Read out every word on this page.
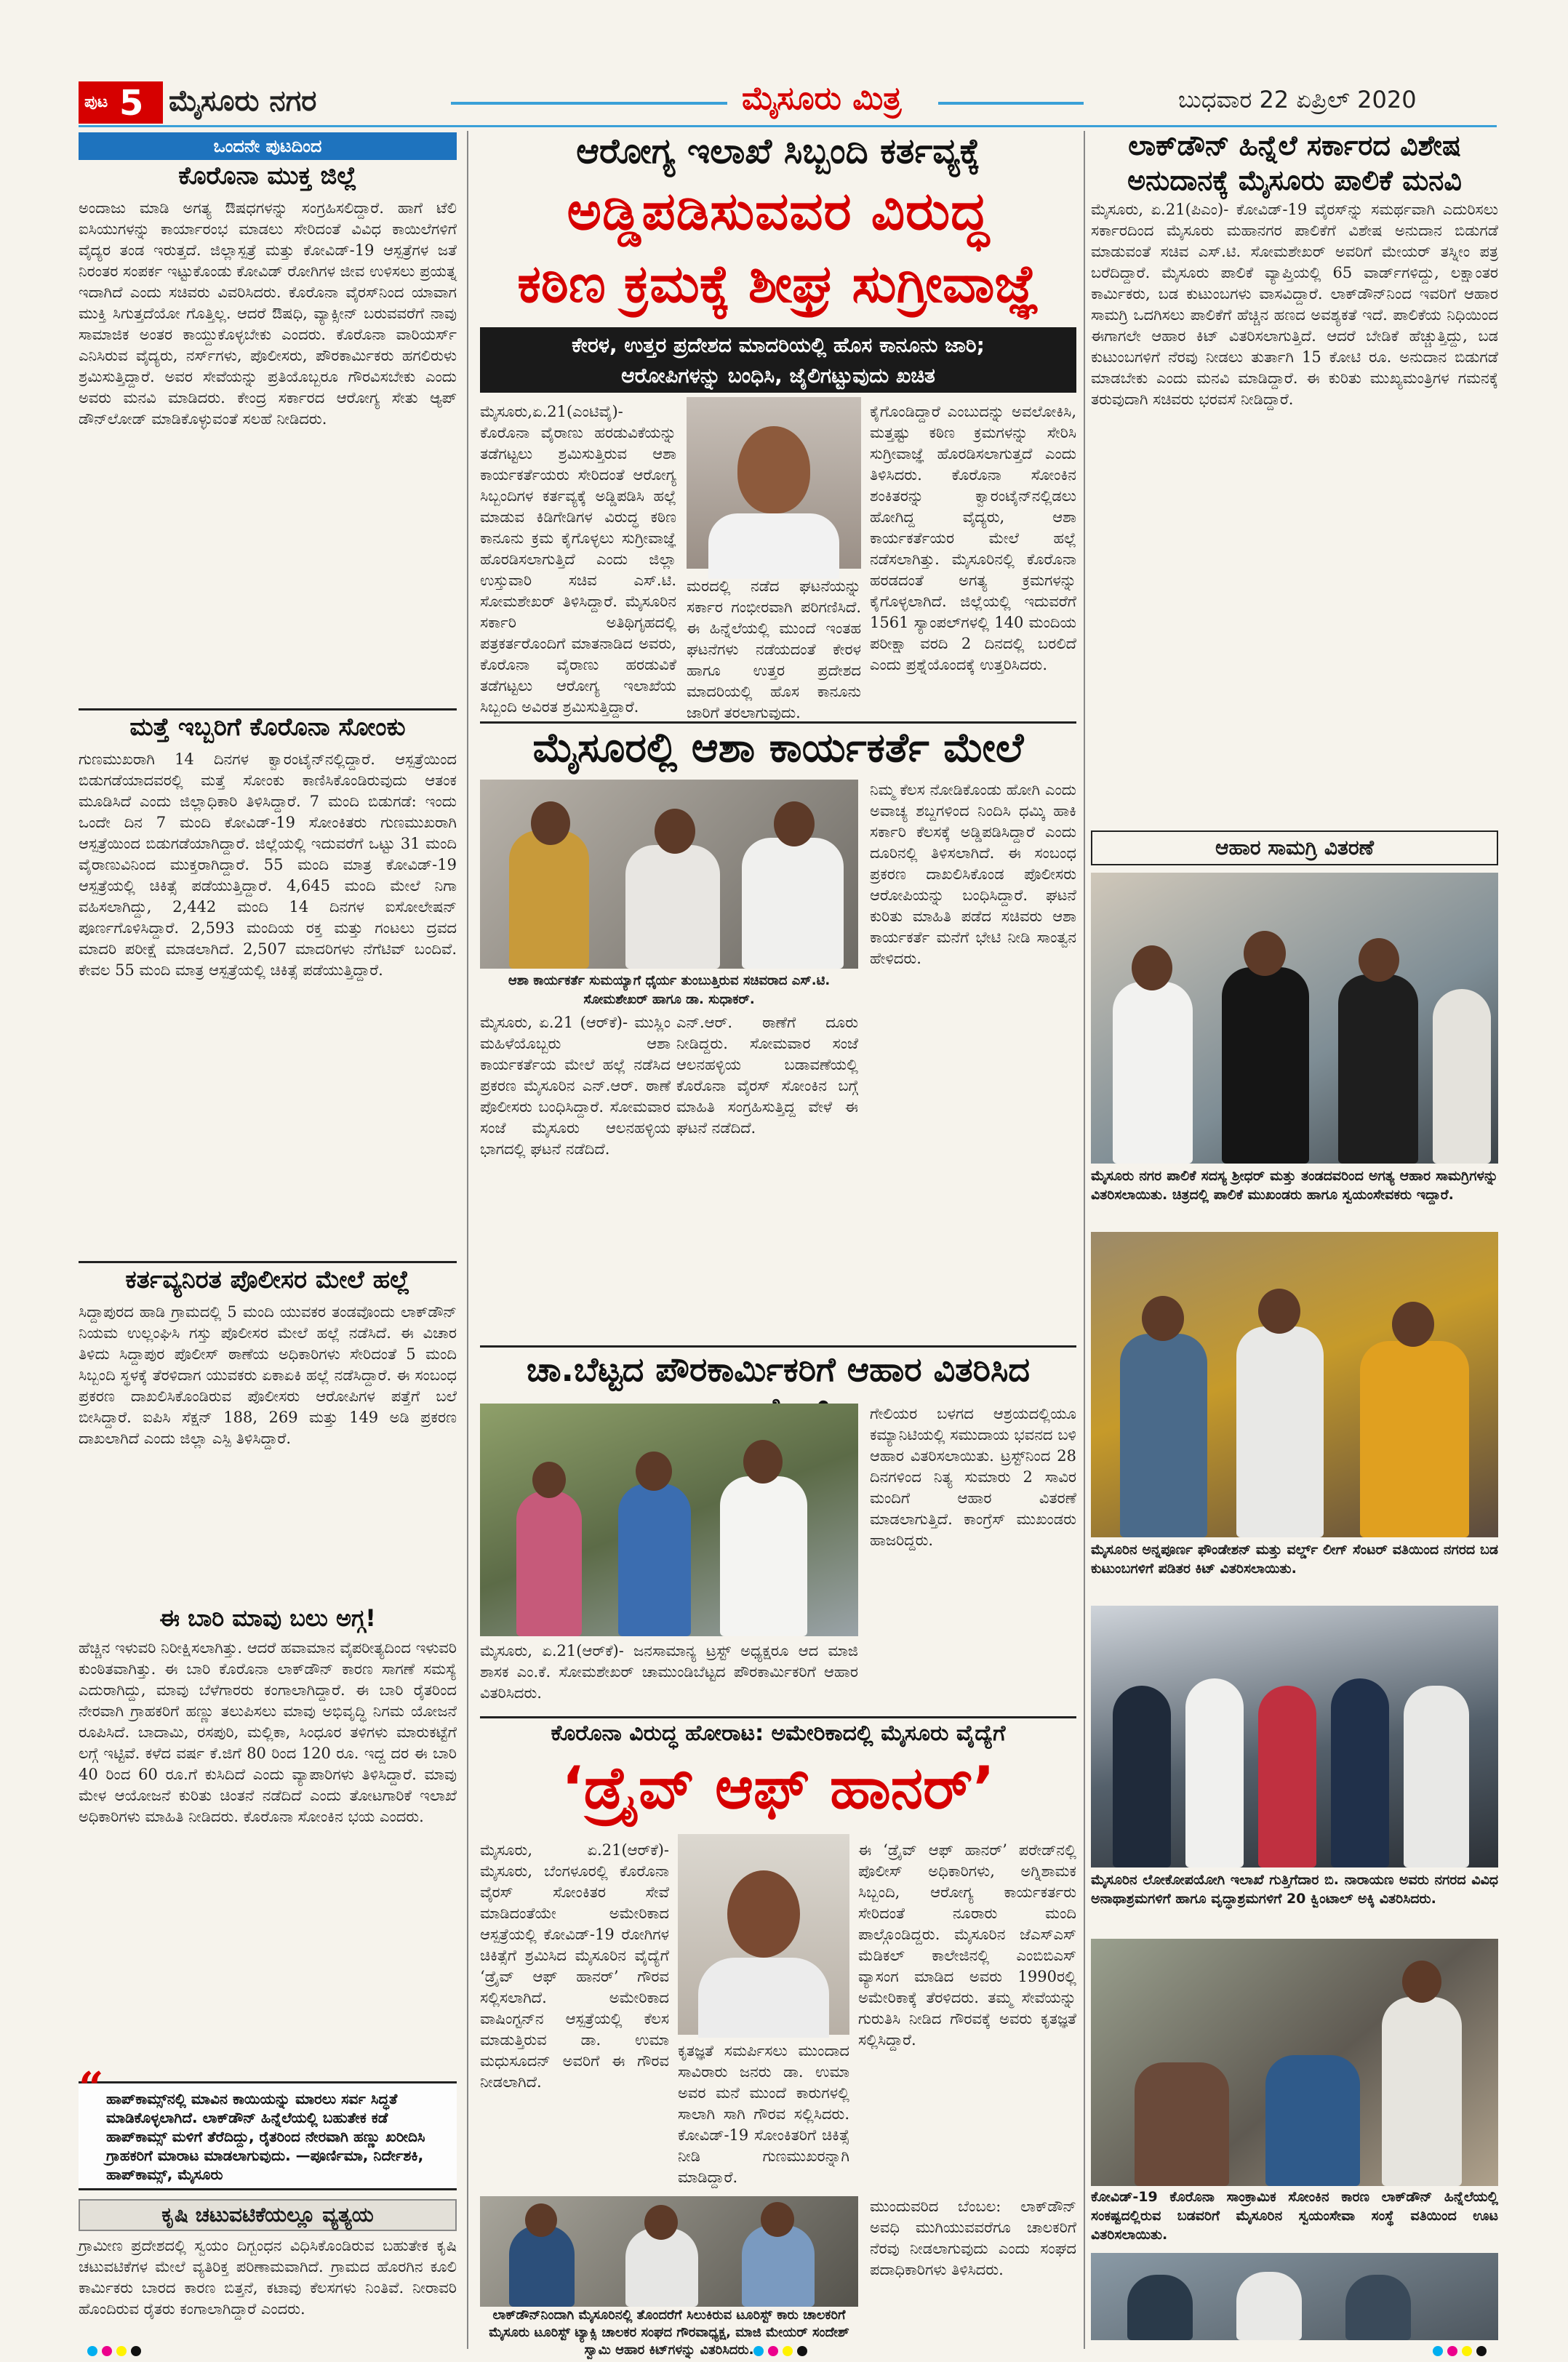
ಪುಟ 5 ಮೈಸೂರು ನಗರ	ಮೈಸೂರು ಮಿತ್ರ	ಬುಧವಾರ 22 ಏಪ್ರಿಲ್ 2020
ಒಂದನೇ ಪುಟದಿಂದ
ಕೊರೊನಾ ಮುಕ್ತ ಜಿಲ್ಲೆ
ಅಂದಾಜು ಮಾಡಿ ಅಗತ್ಯ ಔಷಧಗಳನ್ನು ಸಂಗ್ರಹಿಸಲಿದ್ದಾರೆ. ಹಾಗೆ ಟೆಲಿ ಐಸಿಯುಗಳನ್ನು ಕಾರ್ಯಾರಂಭ ಮಾಡಲು ಸೇರಿದಂತೆ ವಿವಿಧ ಕಾಯಿಲೆಗಳಿಗೆ ವೈದ್ಯರ ತಂಡ ಇರುತ್ತದೆ. ಜಿಲ್ಲಾಸ್ಪತ್ರೆ ಮತ್ತು ಕೋವಿಡ್-19 ಆಸ್ಪತ್ರೆಗಳ ಜತೆ ನಿರಂತರ ಸಂಪರ್ಕ ಇಟ್ಟುಕೊಂಡು ಕೋವಿಡ್ ರೋಗಿಗಳ ಜೀವ ಉಳಿಸಲು ಪ್ರಯತ್ನ ಇದಾಗಿದೆ ಎಂದು ಸಚಿವರು ವಿವರಿಸಿದರು. ಕೊರೊನಾ ವೈರಸ್‌ನಿಂದ ಯಾವಾಗ ಮುಕ್ತಿ ಸಿಗುತ್ತದೆಯೋ ಗೊತ್ತಿಲ್ಲ. ಆದರೆ ಔಷಧಿ, ವ್ಯಾಕ್ಸೀನ್ ಬರುವವರೆಗೆ ನಾವು ಸಾಮಾಜಿಕ ಅಂತರ ಕಾಯ್ದುಕೊಳ್ಳಬೇಕು ಎಂದರು. ಕೊರೊನಾ ವಾರಿಯರ್ಸ್ ಎನಿಸಿರುವ ವೈದ್ಯರು, ನರ್ಸ್‌ಗಳು, ಪೊಲೀಸರು, ಪೌರಕಾರ್ಮಿಕರು ಹಗಲಿರುಳು ಶ್ರಮಿಸುತ್ತಿದ್ದಾರೆ. ಅವರ ಸೇವೆಯನ್ನು ಪ್ರತಿಯೊಬ್ಬರೂ ಗೌರವಿಸಬೇಕು ಎಂದು ಅವರು ಮನವಿ ಮಾಡಿದರು. ಕೇಂದ್ರ ಸರ್ಕಾರದ ಆರೋಗ್ಯ ಸೇತು ಆ್ಯಪ್ ಡೌನ್‌ಲೋಡ್ ಮಾಡಿಕೊಳ್ಳುವಂತೆ ಸಲಹೆ ನೀಡಿದರು.
ಮತ್ತೆ ಇಬ್ಬರಿಗೆ ಕೊರೊನಾ ಸೋಂಕು
ಗುಣಮುಖರಾಗಿ 14 ದಿನಗಳ ಕ್ವಾರಂಟೈನ್‌ನಲ್ಲಿದ್ದಾರೆ. ಆಸ್ಪತ್ರೆಯಿಂದ ಬಿಡುಗಡೆಯಾದವರಲ್ಲಿ ಮತ್ತೆ ಸೋಂಕು ಕಾಣಿಸಿಕೊಂಡಿರುವುದು ಆತಂಕ ಮೂಡಿಸಿದೆ ಎಂದು ಜಿಲ್ಲಾಧಿಕಾರಿ ತಿಳಿಸಿದ್ದಾರೆ. 7 ಮಂದಿ ಬಿಡುಗಡೆ: ಇಂದು ಒಂದೇ ದಿನ 7 ಮಂದಿ ಕೋವಿಡ್-19 ಸೋಂಕಿತರು ಗುಣಮುಖರಾಗಿ ಆಸ್ಪತ್ರೆಯಿಂದ ಬಿಡುಗಡೆಯಾಗಿದ್ದಾರೆ. ಜಿಲ್ಲೆಯಲ್ಲಿ ಇದುವರೆಗೆ ಒಟ್ಟು 31 ಮಂದಿ ವೈರಾಣುವಿನಿಂದ ಮುಕ್ತರಾಗಿದ್ದಾರೆ. 55 ಮಂದಿ ಮಾತ್ರ ಕೋವಿಡ್-19 ಆಸ್ಪತ್ರೆಯಲ್ಲಿ ಚಿಕಿತ್ಸೆ ಪಡೆಯುತ್ತಿದ್ದಾರೆ. 4,645 ಮಂದಿ ಮೇಲೆ ನಿಗಾ ವಹಿಸಲಾಗಿದ್ದು, 2,442 ಮಂದಿ 14 ದಿನಗಳ ಐಸೋಲೇಷನ್ ಪೂರ್ಣಗೊಳಿಸಿದ್ದಾರೆ. 2,593 ಮಂದಿಯ ರಕ್ತ ಮತ್ತು ಗಂಟಲು ದ್ರವದ ಮಾದರಿ ಪರೀಕ್ಷೆ ಮಾಡಲಾಗಿದೆ. 2,507 ಮಾದರಿಗಳು ನೆಗೆಟಿವ್ ಬಂದಿವೆ. ಕೇವಲ 55 ಮಂದಿ ಮಾತ್ರ ಆಸ್ಪತ್ರೆಯಲ್ಲಿ ಚಿಕಿತ್ಸೆ ಪಡೆಯುತ್ತಿದ್ದಾರೆ.
ಕರ್ತವ್ಯನಿರತ ಪೊಲೀಸರ ಮೇಲೆ ಹಲ್ಲೆ
ಸಿದ್ದಾಪುರದ ಹಾಡಿ ಗ್ರಾಮದಲ್ಲಿ 5 ಮಂದಿ ಯುವಕರ ತಂಡವೊಂದು ಲಾಕ್‌ಡೌನ್ ನಿಯಮ ಉಲ್ಲಂಘಿಸಿ ಗಸ್ತು ಪೊಲೀಸರ ಮೇಲೆ ಹಲ್ಲೆ ನಡೆಸಿದೆ. ಈ ವಿಚಾರ ತಿಳಿದು ಸಿದ್ದಾಪುರ ಪೊಲೀಸ್ ಠಾಣೆಯ ಅಧಿಕಾರಿಗಳು ಸೇರಿದಂತೆ 5 ಮಂದಿ ಸಿಬ್ಬಂದಿ ಸ್ಥಳಕ್ಕೆ ತೆರಳಿದಾಗ ಯುವಕರು ಏಕಾಏಕಿ ಹಲ್ಲೆ ನಡೆಸಿದ್ದಾರೆ. ಈ ಸಂಬಂಧ ಪ್ರಕರಣ ದಾಖಲಿಸಿಕೊಂಡಿರುವ ಪೊಲೀಸರು ಆರೋಪಿಗಳ ಪತ್ತೆಗೆ ಬಲೆ ಬೀಸಿದ್ದಾರೆ. ಐಪಿಸಿ ಸೆಕ್ಷನ್ 188, 269 ಮತ್ತು 149 ಅಡಿ ಪ್ರಕರಣ ದಾಖಲಾಗಿದೆ ಎಂದು ಜಿಲ್ಲಾ ಎಸ್ಪಿ ತಿಳಿಸಿದ್ದಾರೆ.
ಈ ಬಾರಿ ಮಾವು ಬಲು ಅಗ್ಗ!
ಹೆಚ್ಚಿನ ಇಳುವರಿ ನಿರೀಕ್ಷಿಸಲಾಗಿತ್ತು. ಆದರೆ ಹವಾಮಾನ ವೈಪರೀತ್ಯದಿಂದ ಇಳುವರಿ ಕುಂಠಿತವಾಗಿತ್ತು. ಈ ಬಾರಿ ಕೊರೊನಾ ಲಾಕ್‌ಡೌನ್ ಕಾರಣ ಸಾಗಣೆ ಸಮಸ್ಯೆ ಎದುರಾಗಿದ್ದು, ಮಾವು ಬೆಳೆಗಾರರು ಕಂಗಾಲಾಗಿದ್ದಾರೆ. ಈ ಬಾರಿ ರೈತರಿಂದ ನೇರವಾಗಿ ಗ್ರಾಹಕರಿಗೆ ಹಣ್ಣು ತಲುಪಿಸಲು ಮಾವು ಅಭಿವೃದ್ಧಿ ನಿಗಮ ಯೋಜನೆ ರೂಪಿಸಿದೆ. ಬಾದಾಮಿ, ರಸಪುರಿ, ಮಲ್ಲಿಕಾ, ಸಿಂಧೂರ ತಳಿಗಳು ಮಾರುಕಟ್ಟೆಗೆ ಲಗ್ಗೆ ಇಟ್ಟಿವೆ. ಕಳೆದ ವರ್ಷ ಕೆ.ಜಿಗೆ 80 ರಿಂದ 120 ರೂ. ಇದ್ದ ದರ ಈ ಬಾರಿ 40 ರಿಂದ 60 ರೂ.ಗೆ ಕುಸಿದಿದೆ ಎಂದು ವ್ಯಾಪಾರಿಗಳು ತಿಳಿಸಿದ್ದಾರೆ. ಮಾವು ಮೇಳ ಆಯೋಜನೆ ಕುರಿತು ಚಿಂತನೆ ನಡೆದಿದೆ ಎಂದು ತೋಟಗಾರಿಕೆ ಇಲಾಖೆ ಅಧಿಕಾರಿಗಳು ಮಾಹಿತಿ ನೀಡಿದರು. ಕೊರೊನಾ ಸೋಂಕಿನ ಭಯ ಎಂದರು.
“ ಹಾಪ್‌ಕಾಮ್ಸ್‌ನಲ್ಲಿ ಮಾವಿನ ಕಾಯಿಯನ್ನು ಮಾರಲು ಸರ್ವ ಸಿದ್ಧತೆ ಮಾಡಿಕೊಳ್ಳಲಾಗಿದೆ. ಲಾಕ್‌ಡೌನ್ ಹಿನ್ನೆಲೆಯಲ್ಲಿ ಬಹುತೇಕ ಕಡೆ ಹಾಪ್‌ಕಾಮ್ಸ್ ಮಳಿಗೆ ತೆರೆದಿದ್ದು, ರೈತರಿಂದ ನೇರವಾಗಿ ಹಣ್ಣು ಖರೀದಿಸಿ ಗ್ರಾಹಕರಿಗೆ ಮಾರಾಟ ಮಾಡಲಾಗುವುದು. —ಪೂರ್ಣಿಮಾ, ನಿರ್ದೇಶಕಿ, ಹಾಪ್‌ಕಾಮ್ಸ್, ಮೈಸೂರು
ಕೃಷಿ ಚಟುವಟಿಕೆಯಲ್ಲೂ ವ್ಯತ್ಯಯ
ಗ್ರಾಮೀಣ ಪ್ರದೇಶದಲ್ಲಿ ಸ್ವಯಂ ದಿಗ್ಬಂಧನ ವಿಧಿಸಿಕೊಂಡಿರುವ ಬಹುತೇಕ ಕೃಷಿ ಚಟುವಟಿಕೆಗಳ ಮೇಲೆ ವ್ಯತಿರಿಕ್ತ ಪರಿಣಾಮವಾಗಿದೆ. ಗ್ರಾಮದ ಹೊರಗಿನ ಕೂಲಿ ಕಾರ್ಮಿಕರು ಬಾರದ ಕಾರಣ ಬಿತ್ತನೆ, ಕಟಾವು ಕೆಲಸಗಳು ನಿಂತಿವೆ. ನೀರಾವರಿ ಹೊಂದಿರುವ ರೈತರು ಕಂಗಾಲಾಗಿದ್ದಾರೆ ಎಂದರು.
ಆರೋಗ್ಯ ಇಲಾಖೆ ಸಿಬ್ಬಂದಿ ಕರ್ತವ್ಯಕ್ಕೆ
ಅಡ್ಡಿಪಡಿಸುವವರ ವಿರುದ್ಧ
ಕಠಿಣ ಕ್ರಮಕ್ಕೆ ಶೀಘ್ರ ಸುಗ್ರೀವಾಜ್ಞೆ
ಕೇರಳ, ಉತ್ತರ ಪ್ರದೇಶದ ಮಾದರಿಯಲ್ಲಿ ಹೊಸ ಕಾನೂನು ಜಾರಿ;
ಆರೋಪಿಗಳನ್ನು ಬಂಧಿಸಿ, ಜೈಲಿಗಟ್ಟುವುದು ಖಚಿತ
ಮೈಸೂರು,ಏ.21(ಎಂಟಿವೈ)- ಕೊರೊನಾ ವೈರಾಣು ಹರಡುವಿಕೆಯನ್ನು ತಡೆಗಟ್ಟಲು ಶ್ರಮಿಸುತ್ತಿರುವ ಆಶಾ ಕಾರ್ಯಕರ್ತೆಯರು ಸೇರಿದಂತೆ ಆರೋಗ್ಯ ಸಿಬ್ಬಂದಿಗಳ ಕರ್ತವ್ಯಕ್ಕೆ ಅಡ್ಡಿಪಡಿಸಿ ಹಲ್ಲೆ ಮಾಡುವ ಕಿಡಿಗೇಡಿಗಳ ವಿರುದ್ಧ ಕಠಿಣ ಕಾನೂನು ಕ್ರಮ ಕೈಗೊಳ್ಳಲು ಸುಗ್ರೀವಾಜ್ಞೆ ಹೊರಡಿಸಲಾಗುತ್ತಿದೆ ಎಂದು ಜಿಲ್ಲಾ ಉಸ್ತುವಾರಿ ಸಚಿವ ಎಸ್.ಟಿ. ಸೋಮಶೇಖರ್ ತಿಳಿಸಿದ್ದಾರೆ. ಮೈಸೂರಿನ ಸರ್ಕಾರಿ ಅತಿಥಿಗೃಹದಲ್ಲಿ ಪತ್ರಕರ್ತರೊಂದಿಗೆ ಮಾತನಾಡಿದ ಅವರು, ಕೊರೊನಾ ವೈರಾಣು ಹರಡುವಿಕೆ ತಡೆಗಟ್ಟಲು ಆರೋಗ್ಯ ಇಲಾಖೆಯ ಸಿಬ್ಬಂದಿ ಅವಿರತ ಶ್ರಮಿಸುತ್ತಿದ್ದಾರೆ.
ಮರದಲ್ಲಿ ನಡೆದ ಘಟನೆಯನ್ನು ಸರ್ಕಾರ ಗಂಭೀರವಾಗಿ ಪರಿಗಣಿಸಿದೆ. ಈ ಹಿನ್ನೆಲೆಯಲ್ಲಿ ಮುಂದೆ ಇಂತಹ ಘಟನೆಗಳು ನಡೆಯದಂತೆ ಕೇರಳ ಹಾಗೂ ಉತ್ತರ ಪ್ರದೇಶದ ಮಾದರಿಯಲ್ಲಿ ಹೊಸ ಕಾನೂನು ಜಾರಿಗೆ ತರಲಾಗುವುದು.
ಕೈಗೊಂಡಿದ್ದಾರೆ ಎಂಬುದನ್ನು ಅವಲೋಕಿಸಿ, ಮತ್ತಷ್ಟು ಕಠಿಣ ಕ್ರಮಗಳನ್ನು ಸೇರಿಸಿ ಸುಗ್ರೀವಾಜ್ಞೆ ಹೊರಡಿಸಲಾಗುತ್ತದೆ ಎಂದು ತಿಳಿಸಿದರು. ಕೊರೊನಾ ಸೋಂಕಿನ ಶಂಕಿತರನ್ನು ಕ್ವಾರಂಟೈನ್‌ನಲ್ಲಿಡಲು ಹೋಗಿದ್ದ ವೈದ್ಯರು, ಆಶಾ ಕಾರ್ಯಕರ್ತೆಯರ ಮೇಲೆ ಹಲ್ಲೆ ನಡೆಸಲಾಗಿತ್ತು. ಮೈಸೂರಿನಲ್ಲಿ ಕೊರೊನಾ ಹರಡದಂತೆ ಅಗತ್ಯ ಕ್ರಮಗಳನ್ನು ಕೈಗೊಳ್ಳಲಾಗಿದೆ. ಜಿಲ್ಲೆಯಲ್ಲಿ ಇದುವರೆಗೆ 1561 ಸ್ಯಾಂಪಲ್‌ಗಳಲ್ಲಿ 140 ಮಂದಿಯ ಪರೀಕ್ಷಾ ವರದಿ 2 ದಿನದಲ್ಲಿ ಬರಲಿದೆ ಎಂದು ಪ್ರಶ್ನೆಯೊಂದಕ್ಕೆ ಉತ್ತರಿಸಿದರು.
ಮೈಸೂರಲ್ಲಿ ಆಶಾ ಕಾರ್ಯಕರ್ತೆ ಮೇಲೆ
ಆಶಾ ಕಾರ್ಯಕರ್ತೆ ಸುಮಯ್ಯಾಗೆ ಧೈರ್ಯ ತುಂಬುತ್ತಿರುವ ಸಚಿವರಾದ ಎಸ್.ಟಿ. ಸೋಮಶೇಖರ್ ಹಾಗೂ ಡಾ. ಸುಧಾಕರ್.
ಮೈಸೂರು, ಏ.21 (ಆರ್‌ಕೆ)- ಮುಸ್ಲಿಂ ಮಹಿಳೆಯೊಬ್ಬರು ಆಶಾ ಕಾರ್ಯಕರ್ತೆಯ ಮೇಲೆ ಹಲ್ಲೆ ನಡೆಸಿದ ಪ್ರಕರಣ ಮೈಸೂರಿನ ಎನ್.ಆರ್. ಠಾಣೆ ಪೊಲೀಸರು ಬಂಧಿಸಿದ್ದಾರೆ. ಸೋಮವಾರ ಸಂಜೆ ಮೈಸೂರು ಆಲನಹಳ್ಳಿಯ ಭಾಗದಲ್ಲಿ ಘಟನೆ ನಡೆದಿದೆ.
ಎನ್.ಆರ್. ಠಾಣೆಗೆ ದೂರು ನೀಡಿದ್ದರು. ಸೋಮವಾರ ಸಂಜೆ ಆಲನಹಳ್ಳಿಯ ಬಡಾವಣೆಯಲ್ಲಿ ಕೊರೊನಾ ವೈರಸ್ ಸೋಂಕಿನ ಬಗ್ಗೆ ಮಾಹಿತಿ ಸಂಗ್ರಹಿಸುತ್ತಿದ್ದ ವೇಳೆ ಈ ಘಟನೆ ನಡೆದಿದೆ.
ನಿಮ್ಮ ಕೆಲಸ ನೋಡಿಕೊಂಡು ಹೋಗಿ ಎಂದು ಅವಾಚ್ಯ ಶಬ್ದಗಳಿಂದ ನಿಂದಿಸಿ ಧಮ್ಕಿ ಹಾಕಿ ಸರ್ಕಾರಿ ಕೆಲಸಕ್ಕೆ ಅಡ್ಡಿಪಡಿಸಿದ್ದಾರೆ ಎಂದು ದೂರಿನಲ್ಲಿ ತಿಳಿಸಲಾಗಿದೆ. ಈ ಸಂಬಂಧ ಪ್ರಕರಣ ದಾಖಲಿಸಿಕೊಂಡ ಪೊಲೀಸರು ಆರೋಪಿಯನ್ನು ಬಂಧಿಸಿದ್ದಾರೆ. ಘಟನೆ ಕುರಿತು ಮಾಹಿತಿ ಪಡೆದ ಸಚಿವರು ಆಶಾ ಕಾರ್ಯಕರ್ತೆ ಮನೆಗೆ ಭೇಟಿ ನೀಡಿ ಸಾಂತ್ವನ ಹೇಳಿದರು.
ಚಾ.ಬೆಟ್ಟದ ಪೌರಕಾರ್ಮಿಕರಿಗೆ ಆಹಾರ ವಿತರಿಸಿದ
ಮೈಸೂರು, ಏ.21(ಆರ್‌ಕೆ)- ಜನಸಾಮಾನ್ಯ ಟ್ರಸ್ಟ್ ಅಧ್ಯಕ್ಷರೂ ಆದ ಮಾಜಿ ಶಾಸಕ ಎಂ.ಕೆ. ಸೋಮಶೇಖರ್ ಚಾಮುಂಡಿಬೆಟ್ಟದ ಪೌರಕಾರ್ಮಿಕರಿಗೆ ಆಹಾರ ವಿತರಿಸಿದರು.
ಗೇಲಿಯರ ಬಳಗದ ಆಶ್ರಯದಲ್ಲಿಯೂ ಕಮ್ಯಾನಿಟಿಯಲ್ಲಿ ಸಮುದಾಯ ಭವನದ ಬಳಿ ಆಹಾರ ವಿತರಿಸಲಾಯಿತು. ಟ್ರಸ್ಟ್‌ನಿಂದ 28 ದಿನಗಳಿಂದ ನಿತ್ಯ ಸುಮಾರು 2 ಸಾವಿರ ಮಂದಿಗೆ ಆಹಾರ ವಿತರಣೆ ಮಾಡಲಾಗುತ್ತಿದೆ. ಕಾಂಗ್ರೆಸ್ ಮುಖಂಡರು ಹಾಜರಿದ್ದರು.
ಕೊರೊನಾ ವಿರುದ್ಧ ಹೋರಾಟ: ಅಮೇರಿಕಾದಲ್ಲಿ ಮೈಸೂರು ವೈದ್ಯೆಗೆ
‘ಡ್ರೈವ್ ಆಫ್ ಹಾನರ್’
ಮೈಸೂರು, ಏ.21(ಆರ್‌ಕೆ)- ಮೈಸೂರು, ಬೆಂಗಳೂರಲ್ಲಿ ಕೊರೊನಾ ವೈರಸ್ ಸೋಂಕಿತರ ಸೇವೆ ಮಾಡಿದಂತೆಯೇ ಅಮೇರಿಕಾದ ಆಸ್ಪತ್ರೆಯಲ್ಲಿ ಕೋವಿಡ್-19 ರೋಗಿಗಳ ಚಿಕಿತ್ಸೆಗೆ ಶ್ರಮಿಸಿದ ಮೈಸೂರಿನ ವೈದ್ಯೆಗೆ ‘ಡ್ರೈವ್ ಆಫ್ ಹಾನರ್’ ಗೌರವ ಸಲ್ಲಿಸಲಾಗಿದೆ. ಅಮೇರಿಕಾದ ವಾಷಿಂಗ್ಟನ್‌ನ ಆಸ್ಪತ್ರೆಯಲ್ಲಿ ಕೆಲಸ ಮಾಡುತ್ತಿರುವ ಡಾ. ಉಮಾ ಮಧುಸೂದನ್ ಅವರಿಗೆ ಈ ಗೌರವ ನೀಡಲಾಗಿದೆ.
ಕೃತಜ್ಞತೆ ಸಮರ್ಪಿಸಲು ಮುಂದಾದ ಸಾವಿರಾರು ಜನರು ಡಾ. ಉಮಾ ಅವರ ಮನೆ ಮುಂದೆ ಕಾರುಗಳಲ್ಲಿ ಸಾಲಾಗಿ ಸಾಗಿ ಗೌರವ ಸಲ್ಲಿಸಿದರು. ಕೋವಿಡ್-19 ಸೋಂಕಿತರಿಗೆ ಚಿಕಿತ್ಸೆ ನೀಡಿ ಗುಣಮುಖರನ್ನಾಗಿ ಮಾಡಿದ್ದಾರೆ.
ಈ ‘ಡ್ರೈವ್ ಆಫ್ ಹಾನರ್’ ಪರೇಡ್‌ನಲ್ಲಿ ಪೊಲೀಸ್ ಅಧಿಕಾರಿಗಳು, ಅಗ್ನಿಶಾಮಕ ಸಿಬ್ಬಂದಿ, ಆರೋಗ್ಯ ಕಾರ್ಯಕರ್ತರು ಸೇರಿದಂತೆ ನೂರಾರು ಮಂದಿ ಪಾಲ್ಗೊಂಡಿದ್ದರು. ಮೈಸೂರಿನ ಜೆಎಸ್‌ಎಸ್ ಮೆಡಿಕಲ್ ಕಾಲೇಜಿನಲ್ಲಿ ಎಂಬಿಬಿಎಸ್ ವ್ಯಾಸಂಗ ಮಾಡಿದ ಅವರು 1990ರಲ್ಲಿ ಅಮೇರಿಕಾಕ್ಕೆ ತೆರಳಿದರು. ತಮ್ಮ ಸೇವೆಯನ್ನು ಗುರುತಿಸಿ ನೀಡಿದ ಗೌರವಕ್ಕೆ ಅವರು ಕೃತಜ್ಞತೆ ಸಲ್ಲಿಸಿದ್ದಾರೆ.
ಲಾಕ್‌ಡೌನ್‌ನಿಂದಾಗಿ ಮೈಸೂರಿನಲ್ಲಿ ತೊಂದರೆಗೆ ಸಿಲುಕಿರುವ ಟೂರಿಸ್ಟ್ ಕಾರು ಚಾಲಕರಿಗೆ ಮೈಸೂರು ಟೂರಿಸ್ಟ್ ಟ್ಯಾಕ್ಸಿ ಚಾಲಕರ ಸಂಘದ ಗೌರವಾಧ್ಯಕ್ಷ, ಮಾಜಿ ಮೇಯರ್ ಸಂದೇಶ್ ಸ್ವಾಮಿ ಆಹಾರ ಕಿಟ್‌ಗಳನ್ನು ವಿತರಿಸಿದರು.
ಮುಂದುವರಿದ ಬೆಂಬಲ: ಲಾಕ್‌ಡೌನ್ ಅವಧಿ ಮುಗಿಯುವವರೆಗೂ ಚಾಲಕರಿಗೆ ನೆರವು ನೀಡಲಾಗುವುದು ಎಂದು ಸಂಘದ ಪದಾಧಿಕಾರಿಗಳು ತಿಳಿಸಿದರು.
ಲಾಕ್‌ಡೌನ್ ಹಿನ್ನೆಲೆ ಸರ್ಕಾರದ ವಿಶೇಷ ಅನುದಾನಕ್ಕೆ ಮೈಸೂರು ಪಾಲಿಕೆ ಮನವಿ
ಮೈಸೂರು, ಏ.21(ಪಿಎಂ)- ಕೋವಿಡ್-19 ವೈರಸ್‌ನ್ನು ಸಮರ್ಥವಾಗಿ ಎದುರಿಸಲು ಸರ್ಕಾರದಿಂದ ಮೈಸೂರು ಮಹಾನಗರ ಪಾಲಿಕೆಗೆ ವಿಶೇಷ ಅನುದಾನ ಬಿಡುಗಡೆ ಮಾಡುವಂತೆ ಸಚಿವ ಎಸ್.ಟಿ. ಸೋಮಶೇಖರ್ ಅವರಿಗೆ ಮೇಯರ್ ತಸ್ನೀಂ ಪತ್ರ ಬರೆದಿದ್ದಾರೆ. ಮೈಸೂರು ಪಾಲಿಕೆ ವ್ಯಾಪ್ತಿಯಲ್ಲಿ 65 ವಾರ್ಡ್‌ಗಳಿದ್ದು, ಲಕ್ಷಾಂತರ ಕಾರ್ಮಿಕರು, ಬಡ ಕುಟುಂಬಗಳು ವಾಸವಿದ್ದಾರೆ. ಲಾಕ್‌ಡೌನ್‌ನಿಂದ ಇವರಿಗೆ ಆಹಾರ ಸಾಮಗ್ರಿ ಒದಗಿಸಲು ಪಾಲಿಕೆಗೆ ಹೆಚ್ಚಿನ ಹಣದ ಅವಶ್ಯಕತೆ ಇದೆ. ಪಾಲಿಕೆಯ ನಿಧಿಯಿಂದ ಈಗಾಗಲೇ ಆಹಾರ ಕಿಟ್ ವಿತರಿಸಲಾಗುತ್ತಿದೆ. ಆದರೆ ಬೇಡಿಕೆ ಹೆಚ್ಚುತ್ತಿದ್ದು, ಬಡ ಕುಟುಂಬಗಳಿಗೆ ನೆರವು ನೀಡಲು ತುರ್ತಾಗಿ 15 ಕೋಟಿ ರೂ. ಅನುದಾನ ಬಿಡುಗಡೆ ಮಾಡಬೇಕು ಎಂದು ಮನವಿ ಮಾಡಿದ್ದಾರೆ. ಈ ಕುರಿತು ಮುಖ್ಯಮಂತ್ರಿಗಳ ಗಮನಕ್ಕೆ ತರುವುದಾಗಿ ಸಚಿವರು ಭರವಸೆ ನೀಡಿದ್ದಾರೆ.
ಆಹಾರ ಸಾಮಗ್ರಿ ವಿತರಣೆ
ಮೈಸೂರು ನಗರ ಪಾಲಿಕೆ ಸದಸ್ಯ ಶ್ರೀಧರ್ ಮತ್ತು ತಂಡದವರಿಂದ ಅಗತ್ಯ ಆಹಾರ ಸಾಮಗ್ರಿಗಳನ್ನು ವಿತರಿಸಲಾಯಿತು. ಚಿತ್ರದಲ್ಲಿ ಪಾಲಿಕೆ ಮುಖಂಡರು ಹಾಗೂ ಸ್ವಯಂಸೇವಕರು ಇದ್ದಾರೆ.
ಮೈಸೂರಿನ ಅನ್ನಪೂರ್ಣ ಫೌಂಡೇಶನ್ ಮತ್ತು ವರ್ಲ್ಡ್ ಲೀಗ್ ಸೆಂಟರ್ ವತಿಯಿಂದ ನಗರದ ಬಡ ಕುಟುಂಬಗಳಿಗೆ ಪಡಿತರ ಕಿಟ್ ವಿತರಿಸಲಾಯಿತು.
ಮೈಸೂರಿನ ಲೋಕೋಪಯೋಗಿ ಇಲಾಖೆ ಗುತ್ತಿಗೆದಾರ ಬಿ. ನಾರಾಯಣ ಅವರು ನಗರದ ವಿವಿಧ ಅನಾಥಾಶ್ರಮಗಳಿಗೆ ಹಾಗೂ ವೃದ್ಧಾಶ್ರಮಗಳಿಗೆ 20 ಕ್ವಿಂಟಾಲ್ ಅಕ್ಕಿ ವಿತರಿಸಿದರು.
ಕೋವಿಡ್-19 ಕೊರೊನಾ ಸಾಂಕ್ರಾಮಿಕ ಸೋಂಕಿನ ಕಾರಣ ಲಾಕ್‌ಡೌನ್ ಹಿನ್ನೆಲೆಯಲ್ಲಿ ಸಂಕಷ್ಟದಲ್ಲಿರುವ ಬಡವರಿಗೆ ಮೈಸೂರಿನ ಸ್ವಯಂಸೇವಾ ಸಂಸ್ಥೆ ವತಿಯಿಂದ ಊಟ ವಿತರಿಸಲಾಯಿತು.
